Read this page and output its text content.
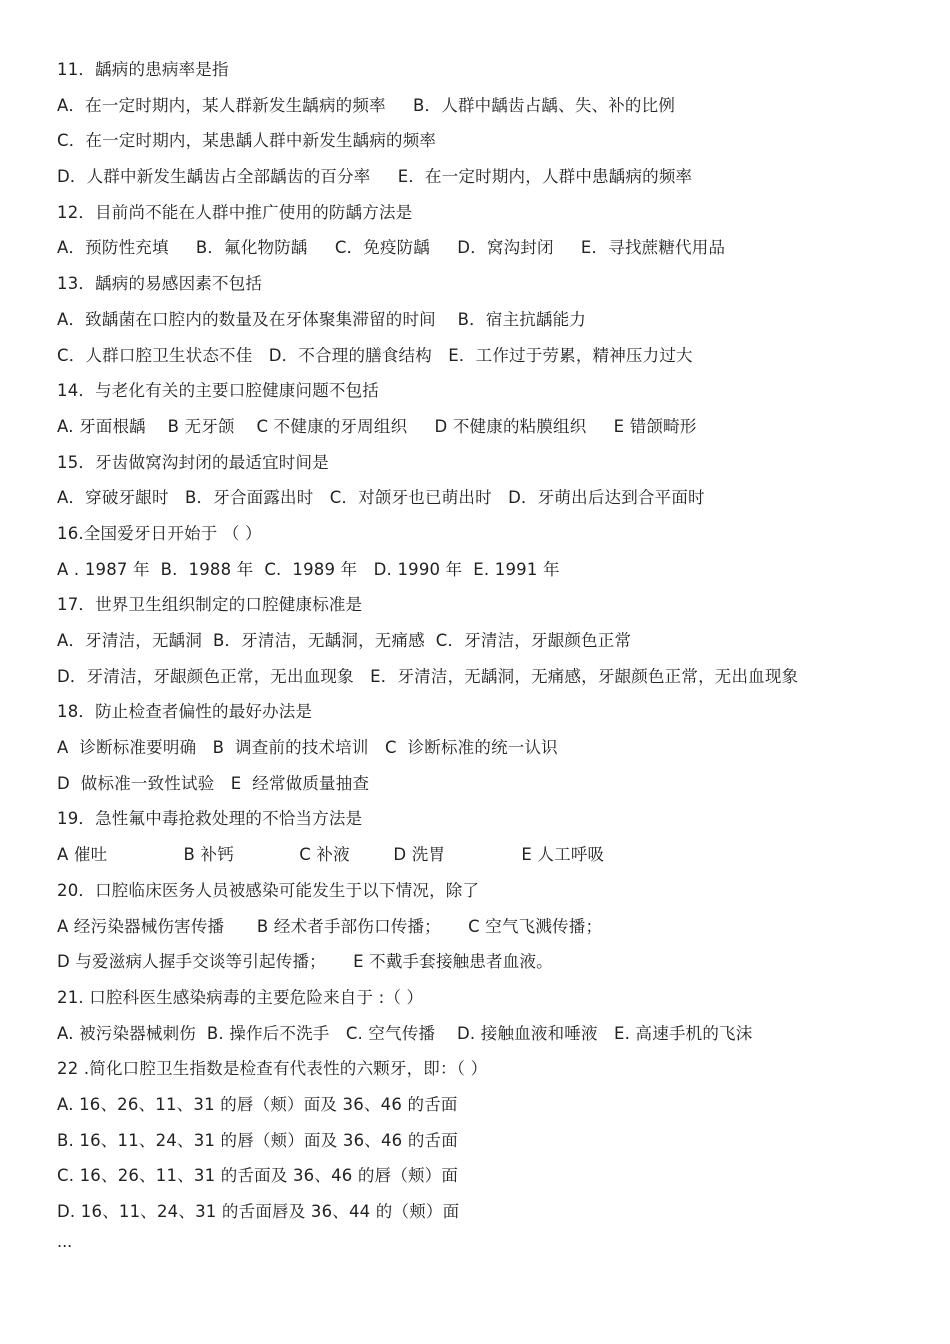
11．龋病的患病率是指
A．在一定时期内，某人群新发生龋病的频率     B．人群中龋齿占龋、失、补的比例
C．在一定时期内，某患龋人群中新发生龋病的频率
D．人群中新发生龋齿占全部龋齿的百分率     E．在一定时期内，人群中患龋病的频率
12．目前尚不能在人群中推广使用的防龋方法是
A．预防性充填     B．氟化物防龋     C．免疫防龋     D．窝沟封闭     E．寻找蔗糖代用品
13．龋病的易感因素不包括
A．致龋菌在口腔内的数量及在牙体聚集滞留的时间    B．宿主抗龋能力
C．人群口腔卫生状态不佳   D．不合理的膳食结构   E．工作过于劳累，精神压力过大
14．与老化有关的主要口腔健康问题不包括
A. 牙面根龋    B 无牙颌    C 不健康的牙周组织     D 不健康的粘膜组织     E 错颌畸形
15．牙齿做窝沟封闭的最适宜时间是
A．穿破牙龈时   B．牙合面露出时   C．对颌牙也已萌出时   D．牙萌出后达到合平面时
16.全国爱牙日开始于 （ ）
A . 1987 年  B.  1988 年  C.  1989 年   D. 1990 年  E. 1991 年
17．世界卫生组织制定的口腔健康标准是
A．牙清洁，无龋洞  B．牙清洁，无龋洞，无痛感  C．牙清洁，牙龈颜色正常
D．牙清洁，牙龈颜色正常，无出血现象   E．牙清洁，无龋洞，无痛感，牙龈颜色正常，无出血现象
18．防止检查者偏性的最好办法是
A  诊断标准要明确   B  调查前的技术培训   C  诊断标准的统一认识
D  做标准一致性试验   E  经常做质量抽查
19．急性氟中毒抢救处理的不恰当方法是
A 催吐              B 补钙            C 补液        D 洗胃              E 人工呼吸
20．口腔临床医务人员被感染可能发生于以下情况，除了
A 经污染器械伤害传播      B 经术者手部伤口传播；     C 空气飞溅传播；
D 与爱滋病人握手交谈等引起传播；     E 不戴手套接触患者血液。
21. 口腔科医生感染病毒的主要危险来自于 :（ ）
A. 被污染器械刺伤  B. 操作后不洗手   C. 空气传播    D. 接触血液和唾液   E. 高速手机的飞沫
22 .简化口腔卫生指数是检查有代表性的六颗牙，即：（ ）
A. 16、26、11、31 的唇（颊）面及 36、46 的舌面
B. 16、11、24、31 的唇（颊）面及 36、46 的舌面
C. 16、26、11、31 的舌面及 36、46 的唇（颊）面
D. 16、11、24、31 的舌面唇及 36、44 的（颊）面
...
